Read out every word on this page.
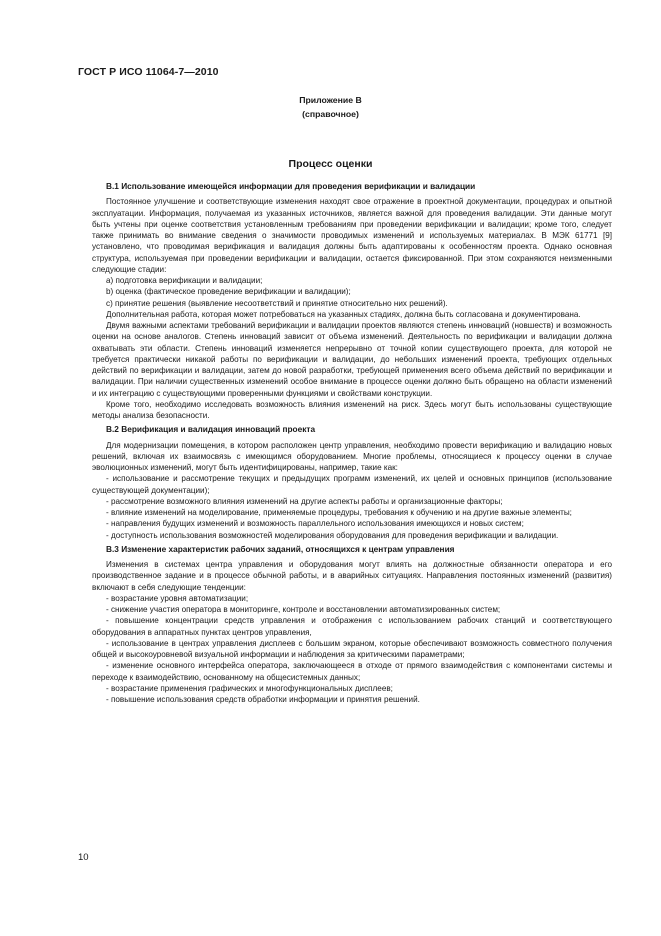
ГОСТ Р ИСО 11064-7—2010
Приложение B
(справочное)
Процесс оценки
В.1 Использование имеющейся информации для проведения верификации и валидации

Постоянное улучшение и соответствующие изменения находят свое отражение в проектной документации, процедурах и опытной эксплуатации. Информация, получаемая из указанных источников, является важной для проведения валидации. Эти данные могут быть учтены при оценке соответствия установленным требованиям при проведении верификации и валидации; кроме того, следует также принимать во внимание сведения о значимости проводимых изменений и используемых материалах. В МЭК 61771 [9] установлено, что проводимая верификация и валидация должны быть адаптированы к особенностям проекта. Однако основная структура, используемая при проведении верификации и валидации, остается фиксированной. При этом сохраняются неизменными следующие стадии:

а) подготовка верификации и валидации;

b) оценка (фактическое проведение верификации и валидации);

с) принятие решения (выявление несоответствий и принятие относительно них решений).

Дополнительная работа, которая может потребоваться на указанных стадиях, должна быть согласована и документирована.

Двумя важными аспектами требований верификации и валидации проектов являются степень инноваций (новшеств) и возможность оценки на основе аналогов. Степень инноваций зависит от объема изменений. Деятельность по верификации и валидации должна охватывать эти области. Степень инноваций изменяется непрерывно от точной копии существующего проекта, для которой не требуется практически никакой работы по верификации и валидации, до небольших изменений проекта, требующих отдельных действий по верификации и валидации, затем до новой разработки, требующей применения всего объема действий по верификации и валидации. При наличии существенных изменений особое внимание в процессе оценки должно быть обращено на области изменений и их интеграцию с существующими проверенными функциями и свойствами конструкции.

Кроме того, необходимо исследовать возможность влияния изменений на риск. Здесь могут быть использованы существующие методы анализа безопасности.

В.2 Верификация и валидация инноваций проекта

Для модернизации помещения, в котором расположен центр управления, необходимо провести верификацию и валидацию новых решений, включая их взаимосвязь с имеющимся оборудованием. Многие проблемы, относящиеся к процессу оценки в случае эволюционных изменений, могут быть идентифицированы, например, такие как:

- использование и рассмотрение текущих и предыдущих программ изменений, их целей и основных принципов (использование существующей документации);

- рассмотрение возможного влияния изменений на другие аспекты работы и организационные факторы;

- влияние изменений на моделирование, применяемые процедуры, требования к обучению и на другие важные элементы;

- направления будущих изменений и возможность параллельного использования имеющихся и новых систем;

- доступность использования возможностей моделирования оборудования для проведения верификации и валидации.

В.3 Изменение характеристик рабочих заданий, относящихся к центрам управления

Изменения в системах центра управления и оборудования могут влиять на должностные обязанности оператора и его производственное задание и в процессе обычной работы, и в аварийных ситуациях. Направления постоянных изменений (развития) включают в себя следующие тенденции:

- возрастание уровня автоматизации;

- снижение участия оператора в мониторинге, контроле и восстановлении автоматизированных систем;

- повышение концентрации средств управления и отображения с использованием рабочих станций и соответствующего оборудования в аппаратных пунктах центров управления,

- использование в центрах управления дисплеев с большим экраном, которые обеспечивают возможность совместного получения общей и высокоуровневой визуальной информации и наблюдения за критическими параметрами;

- изменение основного интерфейса оператора, заключающееся в отходе от прямого взаимодействия с компонентами системы и переходе к взаимодействию, основанному на общесистемных данных;

- возрастание применения графических и многофункциональных дисплеев;

- повышение использования средств обработки информации и принятия решений.

10
